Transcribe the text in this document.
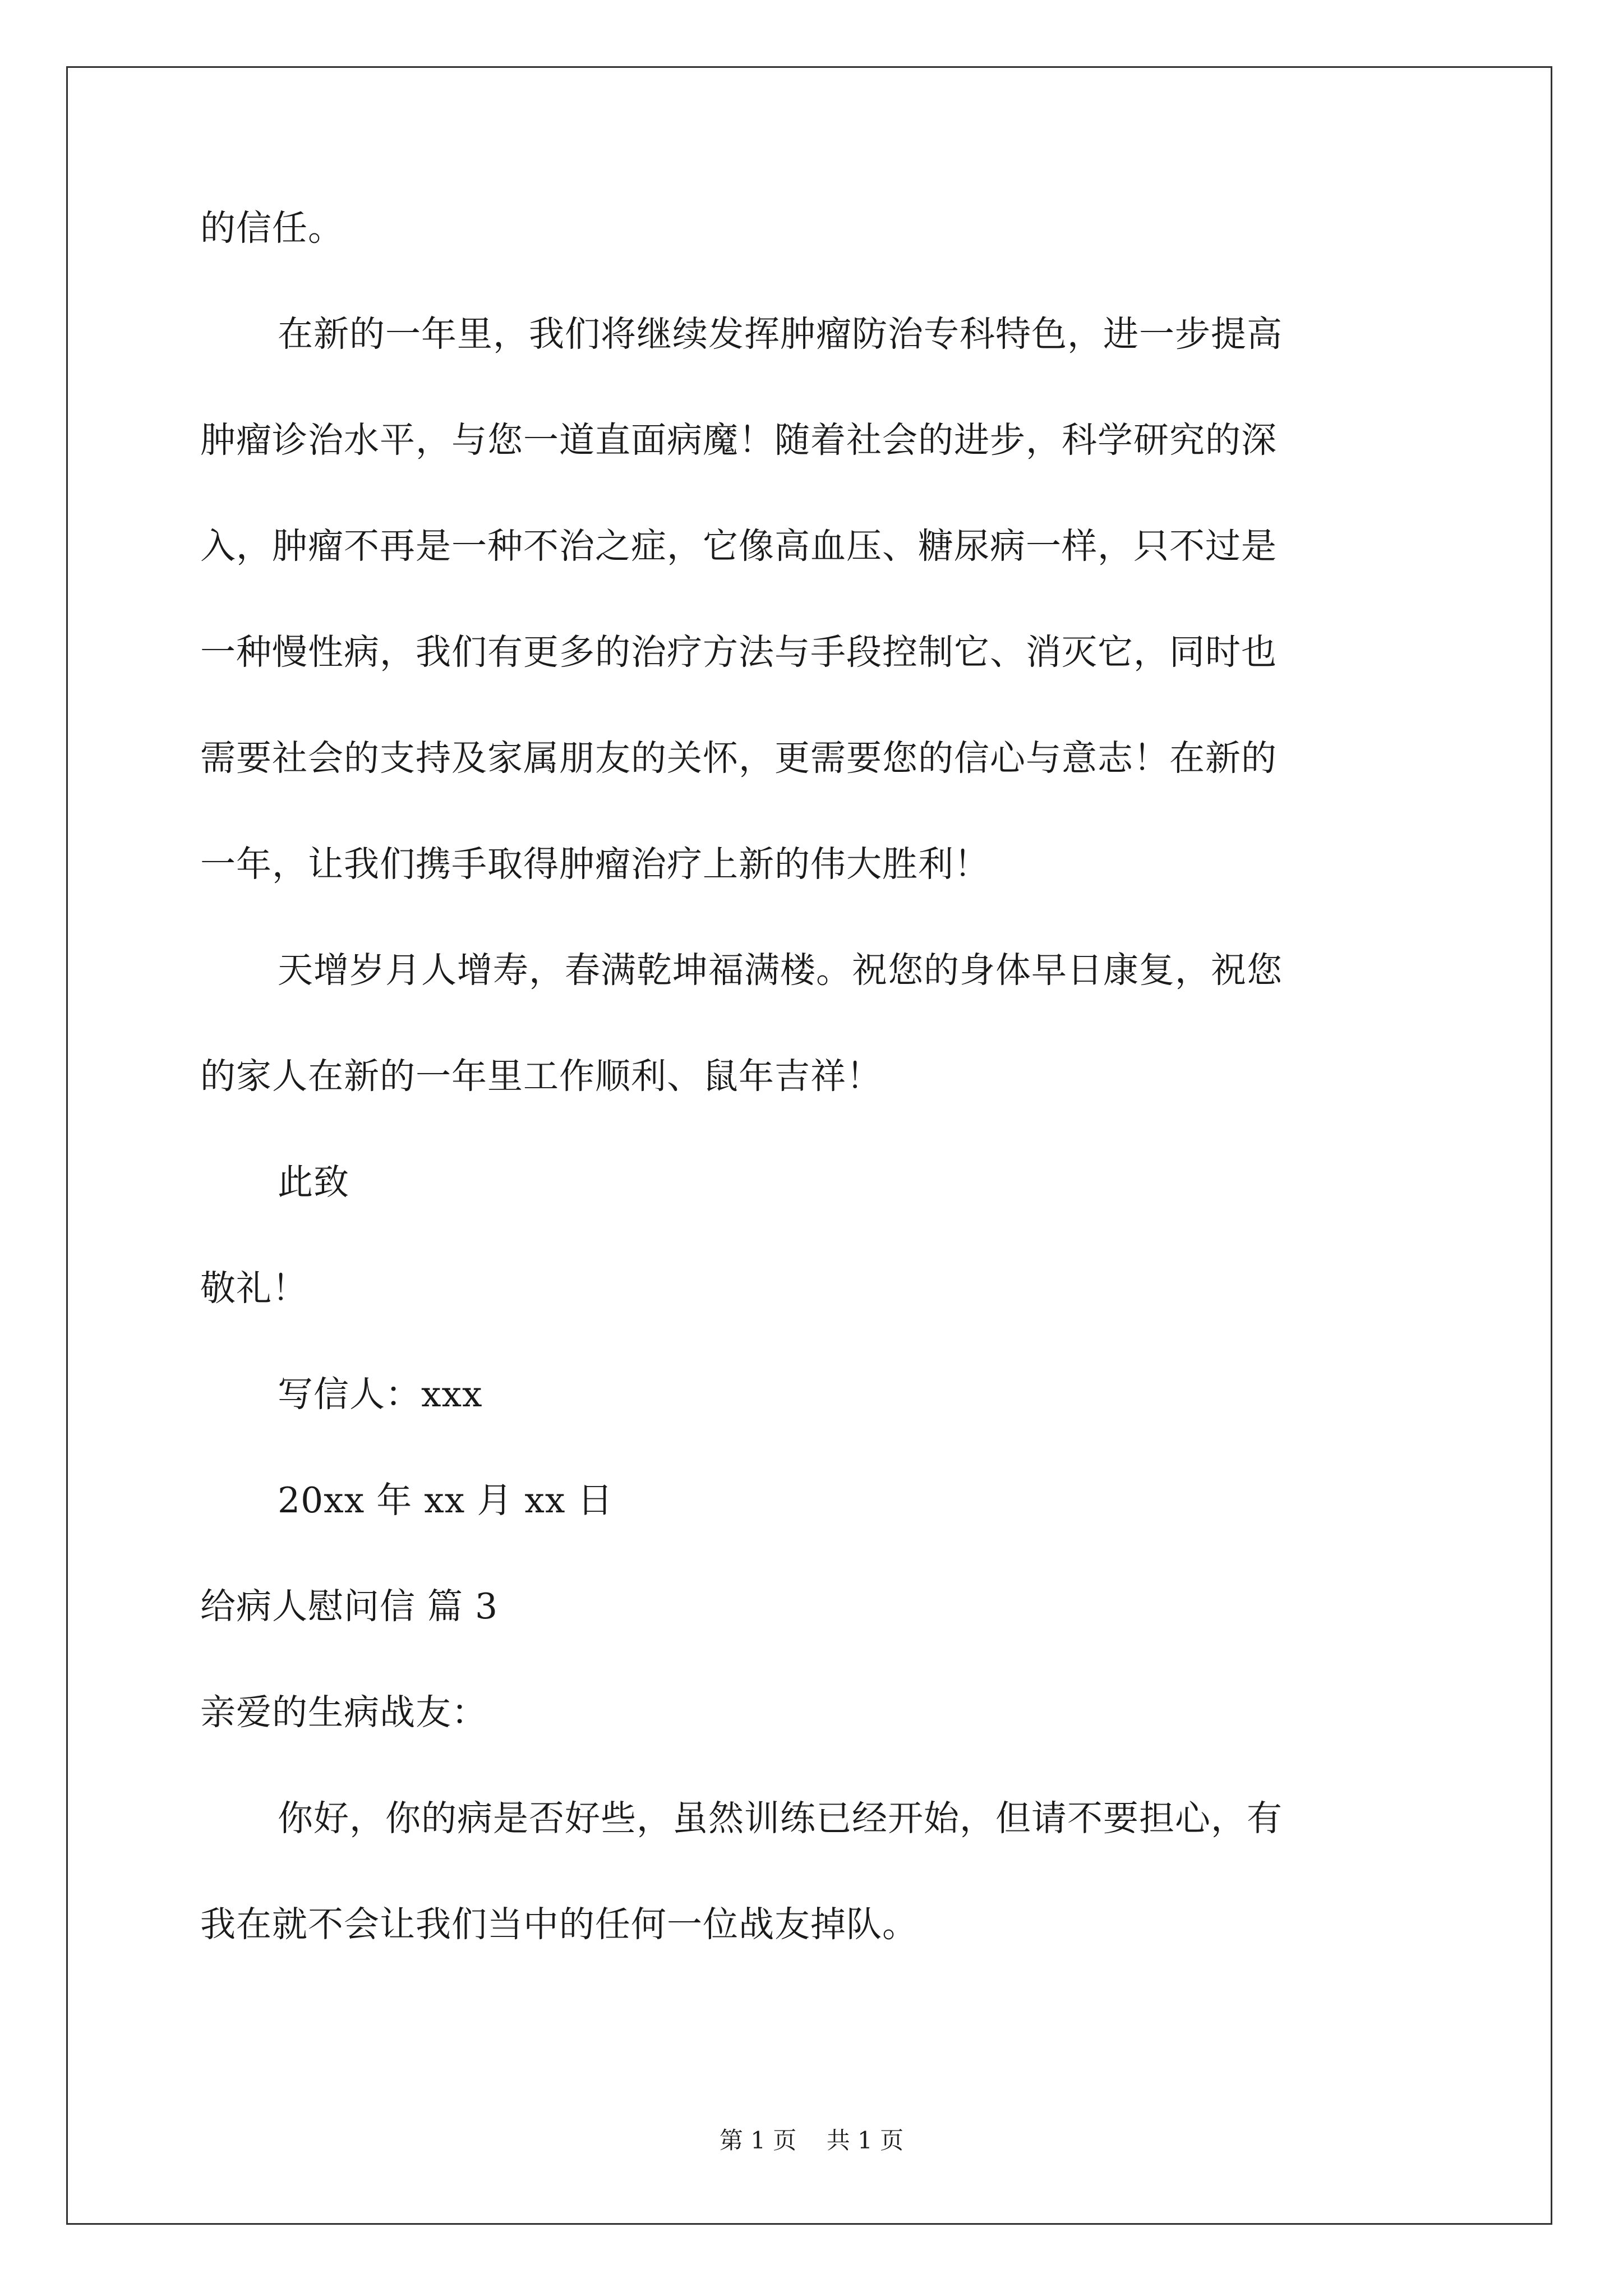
的信任。
在新的一年里，我们将继续发挥肿瘤防治专科特色，进一步提高
肿瘤诊治水平，与您一道直面病魔！随着社会的进步，科学研究的深
入，肿瘤不再是一种不治之症，它像高血压、糖尿病一样，只不过是
一种慢性病，我们有更多的治疗方法与手段控制它、消灭它，同时也
需要社会的支持及家属朋友的关怀，更需要您的信心与意志！在新的
一年，让我们携手取得肿瘤治疗上新的伟大胜利！
天增岁月人增寿，春满乾坤福满楼。祝您的身体早日康复，祝您
的家人在新的一年里工作顺利、鼠年吉祥！
此致
敬礼！
写信人：xxx
20xx 年 xx 月 xx 日
给病人慰问信 篇 3
亲爱的生病战友：
你好，你的病是否好些，虽然训练已经开始，但请不要担心，有
我在就不会让我们当中的任何一位战友掉队。
第 1 页    共 1 页
